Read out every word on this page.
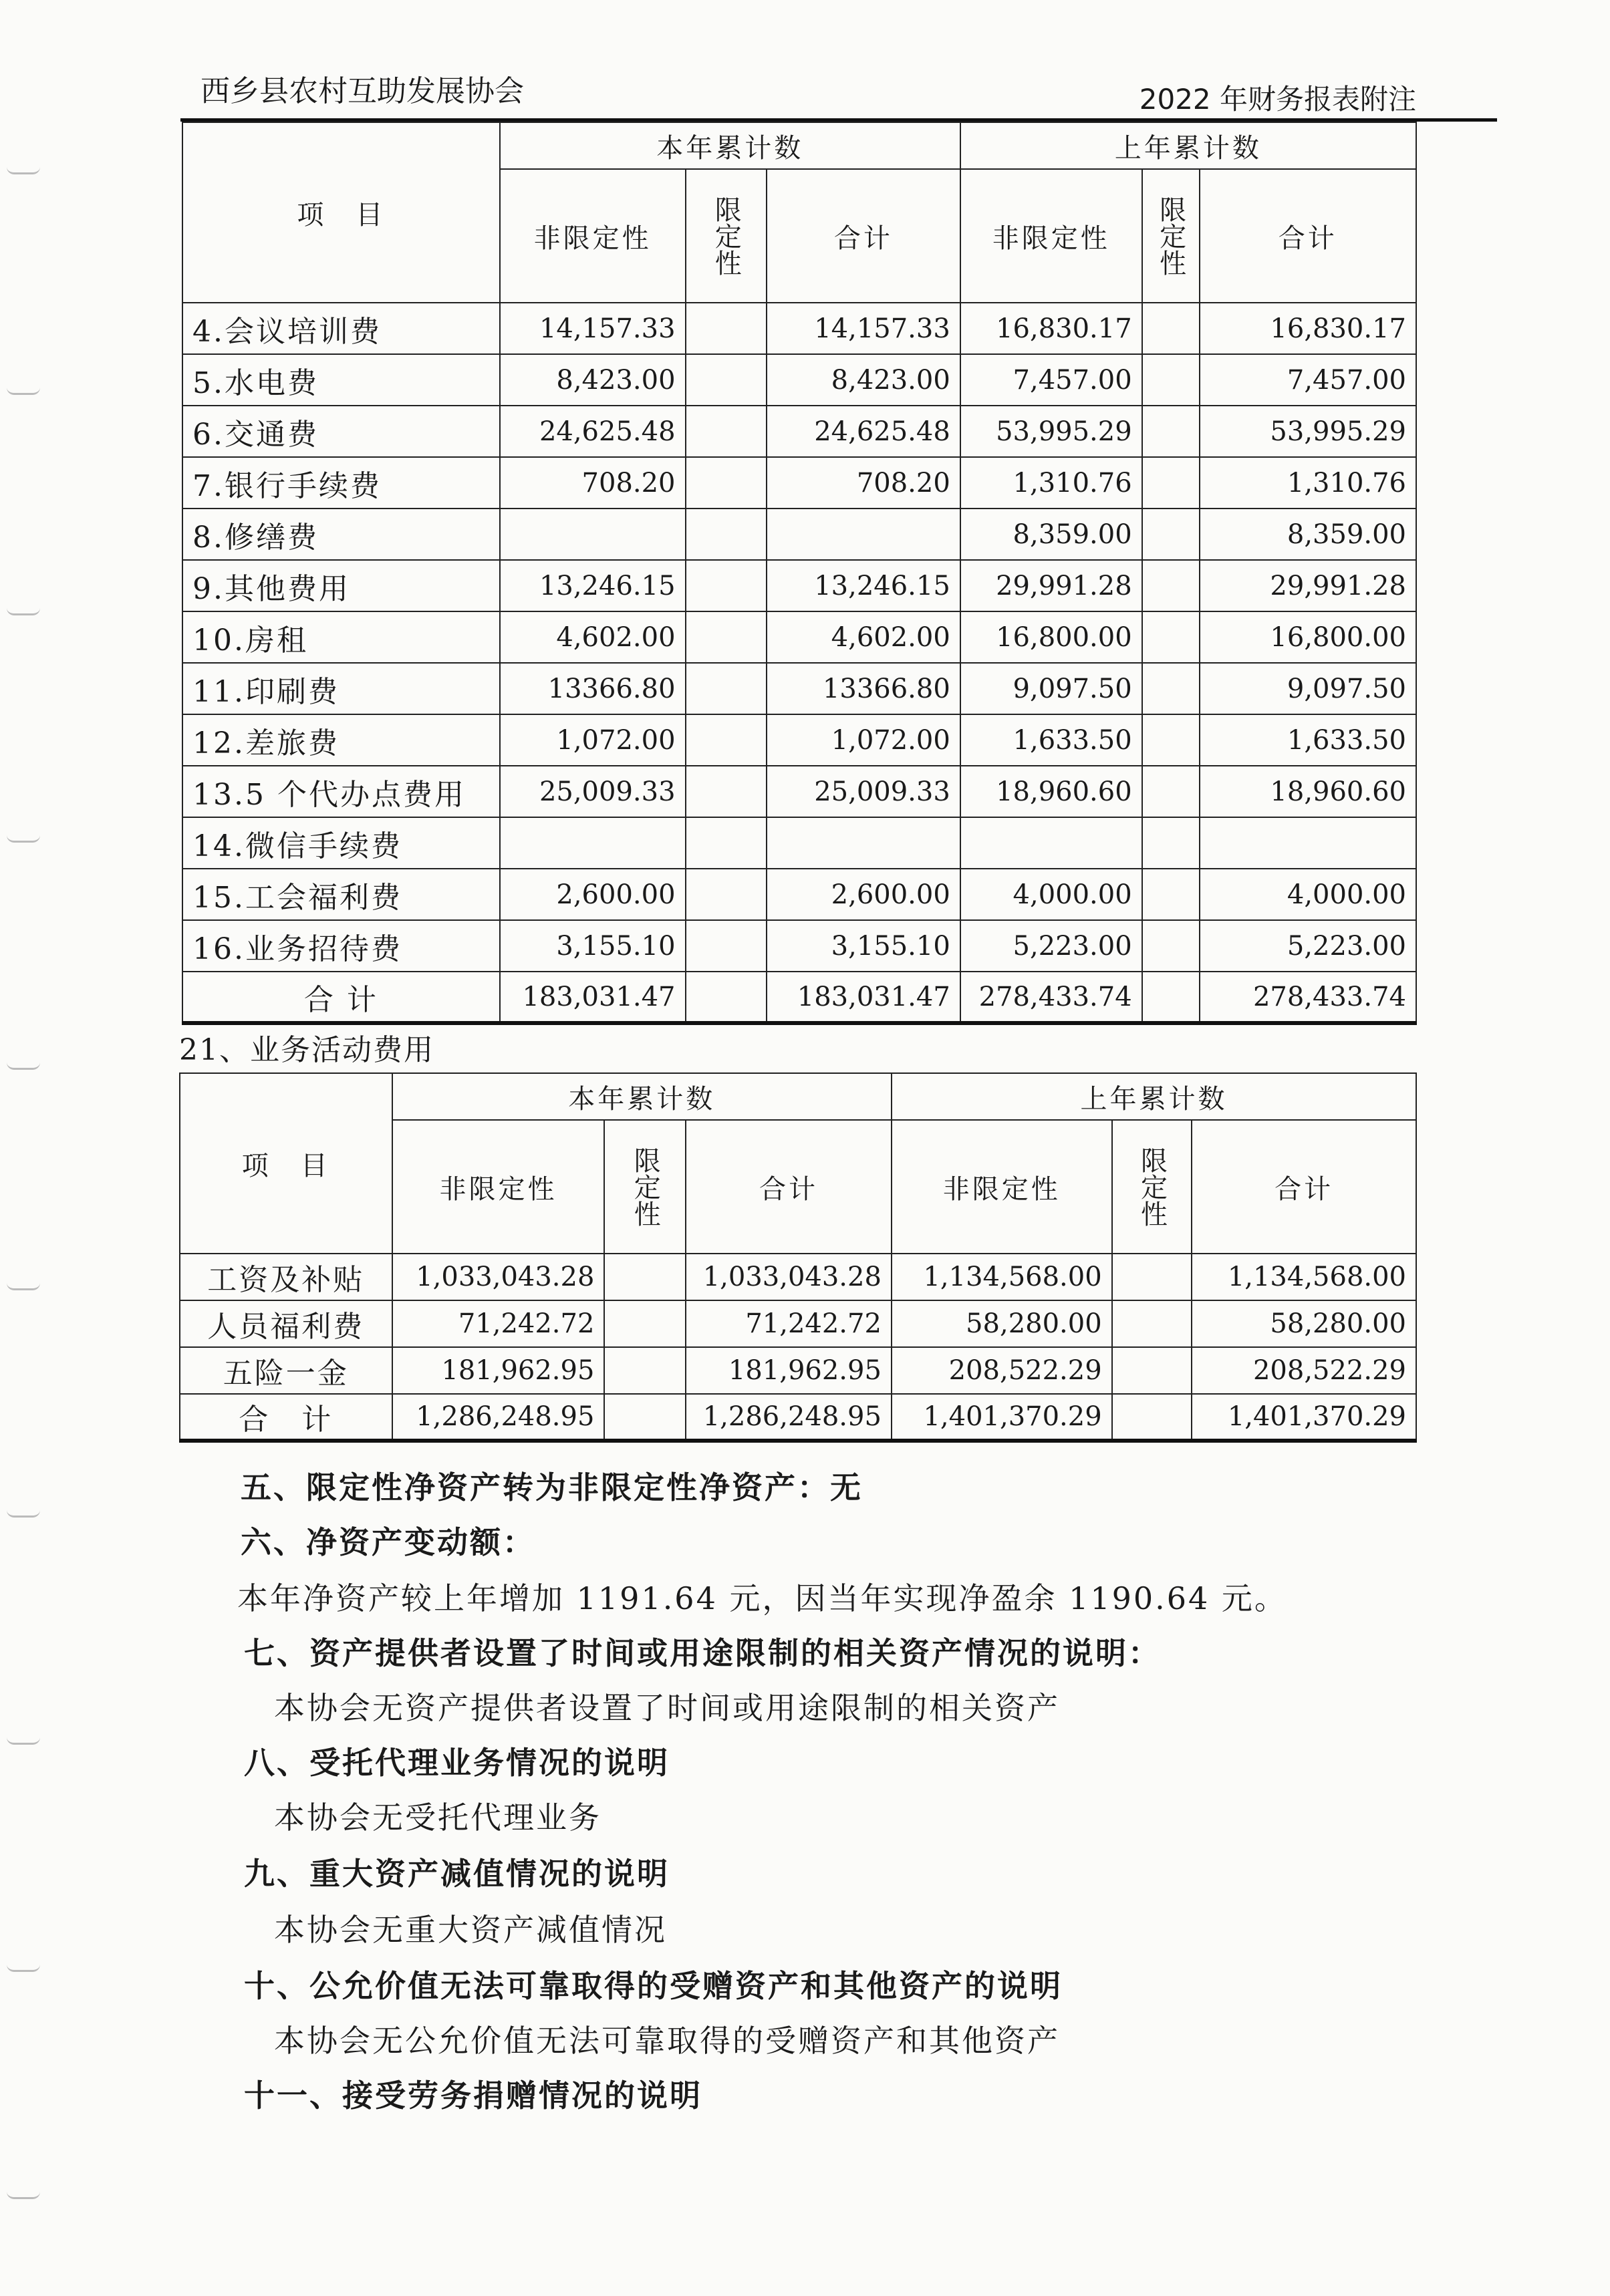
西乡县农村互助发展协会	2022 年财务报表附注
项　目	本年累计数			上年累计数		
	非限定性	限定性	合计	非限定性	限定性	合计
4.会议培训费	14,157.33		14,157.33	16,830.17		16,830.17
5.水电费	8,423.00		8,423.00	7,457.00		7,457.00
6.交通费	24,625.48		24,625.48	53,995.29		53,995.29
7.银行手续费	708.20		708.20	1,310.76		1,310.76
8.修缮费				8,359.00		8,359.00
9.其他费用	13,246.15		13,246.15	29,991.28		29,991.28
10.房租	4,602.00		4,602.00	16,800.00		16,800.00
11.印刷费	13366.80		13366.80	9,097.50		9,097.50
12.差旅费	1,072.00		1,072.00	1,633.50		1,633.50
13.5 个代办点费用	25,009.33		25,009.33	18,960.60		18,960.60
14.微信手续费						
15.工会福利费	2,600.00		2,600.00	4,000.00		4,000.00
16.业务招待费	3,155.10		3,155.10	5,223.00		5,223.00
合 计	183,031.47		183,031.47	278,433.74		278,433.74
21、业务活动费用
项　目	本年累计数			上年累计数		
	非限定性	限定性	合计	非限定性	限定性	合计
工资及补贴	1,033,043.28		1,033,043.28	1,134,568.00		1,134,568.00
人员福利费	71,242.72		71,242.72	58,280.00		58,280.00
五险一金	181,962.95		181,962.95	208,522.29		208,522.29
合　计	1,286,248.95		1,286,248.95	1,401,370.29		1,401,370.29
五、限定性净资产转为非限定性净资产：无
六、净资产变动额：
本年净资产较上年增加 1191.64 元，因当年实现净盈余 1190.64 元。
七、资产提供者设置了时间或用途限制的相关资产情况的说明：
本协会无资产提供者设置了时间或用途限制的相关资产
八、受托代理业务情况的说明
本协会无受托代理业务
九、重大资产减值情况的说明
本协会无重大资产减值情况
十、公允价值无法可靠取得的受赠资产和其他资产的说明
本协会无公允价值无法可靠取得的受赠资产和其他资产
十一、接受劳务捐赠情况的说明
